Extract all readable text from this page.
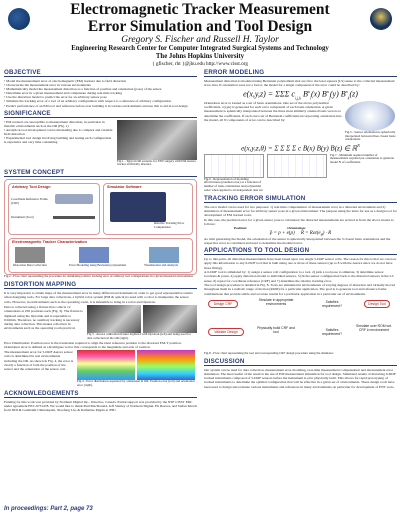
Electromagnetic Tracker Measurement
Error Simulation and Tool Design
Gregory S. Fischer and Russell H. Taylor
Engineering Research Center for Computer Integrated Surgical Systems and Technology
The Johns Hopkins University
{ gfischer, rht }@jhu.edu http://www.cisst.org
OBJECTIVE

• Model the measurement error of electromagnetic (EM) trackers due to field distortion

• Characterize the measurement error in various environments

• Mathematically model the measurement distortion as a function of position and orientation (pose) of the sensor

• Determine error in a given measurement and compensate during real-time tracking

• Use the distortion model to predict the error for an arbitrary sensor pose

• Simulate the tracking error of a tool of an arbitrary configuration with respect to a reference of arbitrary configuration

• Predict performance of an EM tool and reference before ever building it in various environments and use this to aid in tool design

SIGNIFICANCE

• EM trackers are susceptible to measurement distortion, in particular in metallic environments such as the OR (Fig. 1)

• Analytical tool development can be misleading due to complex and variable field distortion

• Experimental tool design involving building and testing each configuration is expensive and very time consuming

Fig.1 - Typical OR scenario for ENT surgery with EM Aurora tracker artificially inserted.
SYSTEM CONCEPT
Arbitrary Tool Design
Coordinate Reference Frame (CRF)
Instrument (Tool)
Simulator Software
Relative Tracking Error Computation
Electromagnetic Tracker Characterization
Distortion Data Collection	Error Modeling using Bernstein polynomials	Visualization and Analysis
Fig.2 - Flow chart representing the procedure for simulating relative tracking error of arbitrary tool configurations in a given measured environment.
DISTORTION MAPPING
It is very important to obtain maps of the measurement error in many different environments in order to get good representative results when designing tools. For large data collections, a hybrid robot system (EM & optical) is used with a robot to manipulate the sensor coils. However, in environments such as the operating room, it is infeasible to bring in a robot and Optotrak.
Data is collected using a fixture that collects 12 orientations at 256 positions each (Fig. 3). The fixture is digitized using the Optotrak and is repeatable to 0.02mm. Therefore, no auxiliary tracking is necessary during data collection. This makes collection in environments such as the operating room practical.
Fig.3 - Aurora calibration fixture digitized with Optotrak (left) and being used for data collection in the OR (right).
Error Distribution: Position error is the translation required to align the ideal reference position to the distorted EM-Y position. Orientation error is defined as a Rodrigues vector that corresponds to the magnitude and axis of rotation.
The measurement error for 5-DOF Aurora sensor coils is determined in real environments including the OR. As shown in Fig. 4, the error is clearly a function of both the position of the sensor and the orientation of the sensor coil.
Fig.4 - Error distribution separated by orientation in OR. Position error (left) and orientation error (right).
ACKNOWLEDGEMENTS
Funding for this work was provided by Northern Digital Inc., Waterloo, Canada. Partial support was provided by the NSF CISST ERC under agreement EEC-9731478. We would like to thank Paul MacDonald, Jeff Stanley of Northern Digital, Eli Reeves, and Stefan Kirsch from NDI & Gouthami Chintalapani, Xiaofeng Liu, & Katherine Pippin at JHU.
ERROR MODELING
Measurement distortion is modeled using Bernstein polynomials that are fit to the least squares (LS) sense to the collected measurement error data. If orientation were not a factor, the model for a single component of the error could be described by:
e(x,y,z) = ΣΣΣ $c_{i,j,k}$ $B^n_i(x)$ $B^n_j(y)$ $B^n_k(z)$
Orientation error is treated as a set of basis orientations. One set of the above polynomial coefficients, c(i,j,k) is generated for each error component of each basis orientation. A given measurement is spherically interpolated between the three most similarly oriented basis vectors to determine the coefficients. If each one's set of Bernstein coefficients incorporating orientation into the model, all N components of error can be described by:
Fig.5 - Sensor orientation is spherically interpolated between three closest basis orientations.
e(x,y,z,θ) = Σ Σ Σ Σ c B(x) B(y) B(z) ∈ ℝ$^N$
Fig.6 - Representation of modeling effectiveness (residual error) as a function of number of basis orientations and polynomial order when applied to an independent data set.
Fig.7 - Minimum required number of measurements required per orientation to generate model N of coefficients.
TRACKING ERROR SIMULATION
The error model can be used for two purposes: 1) real-time compensation of measurement error in a distorted environment and 2) simulation of measurement error for arbitrary sensor pose in a given environment. The purpose using the latter for use as a design tool for development of EM tracked tools.
In this case, the predicted error for a given sensor pose is calculated; the distorted measurements are arrived at from the above model as follows:
Position:	Orientation:
p̂ = p + e(p)     R̂ = $Rot(e_\theta) \cdot R$
As with generating the model, the orientation of the sensor is spherically interpolated between the 3 closest basis orientations and the respective error as calculated and used to determine the modeled error.
APPLICATIONS TO TOOL DESIGN
Up to this point, all distortion measurements have been based upon raw single 5-DOF sensor coils. The reason for this is that we can now apply this information to any 6-DOF tool that is built using one or more of these sensors (up to 8 with the Aurora since we do not have more fitting).
A 6-DOF tool is simulated by: 1) assign a sensor coil configuration to a tool, 2) pick a tool pose to simulate, 3) determine sensor locations & poses, 4) apply distortion model to individual sensors, 5) fit the sensor configuration back to the distorted sensors in the LS sense, 6) repeat for coordinate reference (CRF) and 7) determine the relative tracking error.
The tool design procedure is detailed in Fig. 8. Tools are simulated in environments of varying degrees of distortion and virtually moved throughout them in a realistic range of motion (ROM) for a particular application. The goal is to generate tool and reference frame combinations that provide stable and accurate results for a particular application in a particular set of environments.
Design CRF
Simulate in appropriate environments	Satisfies requirement?	Design Tool
Validate Design
Physically build CRF and tool	Satisfies requirement?
Simulate over ROM wrt. CRF in environment
Fig.8 - Flow chart representing the tool and corresponding CRF design procedure using the simulator.
DISCUSSION
Our system can be used for data collection, measurement error modeling, real-time measurement compensation and measurement error simulation. The most useful of the result is the use of EM measurement simulation for tool design. Simulated results of distorting 6-DOF tracked instruments composed of 5-DOF sensors before the instrument is ever physically built. This allows for rapid prototyping of tracked instruments to determine the optimal configuration that will be effective in a given set of environments. These design tools have been used to design and evaluate various instruments and references in many environments, in particular for development of ENT tools.
In proceedings: Part 2, page 73
